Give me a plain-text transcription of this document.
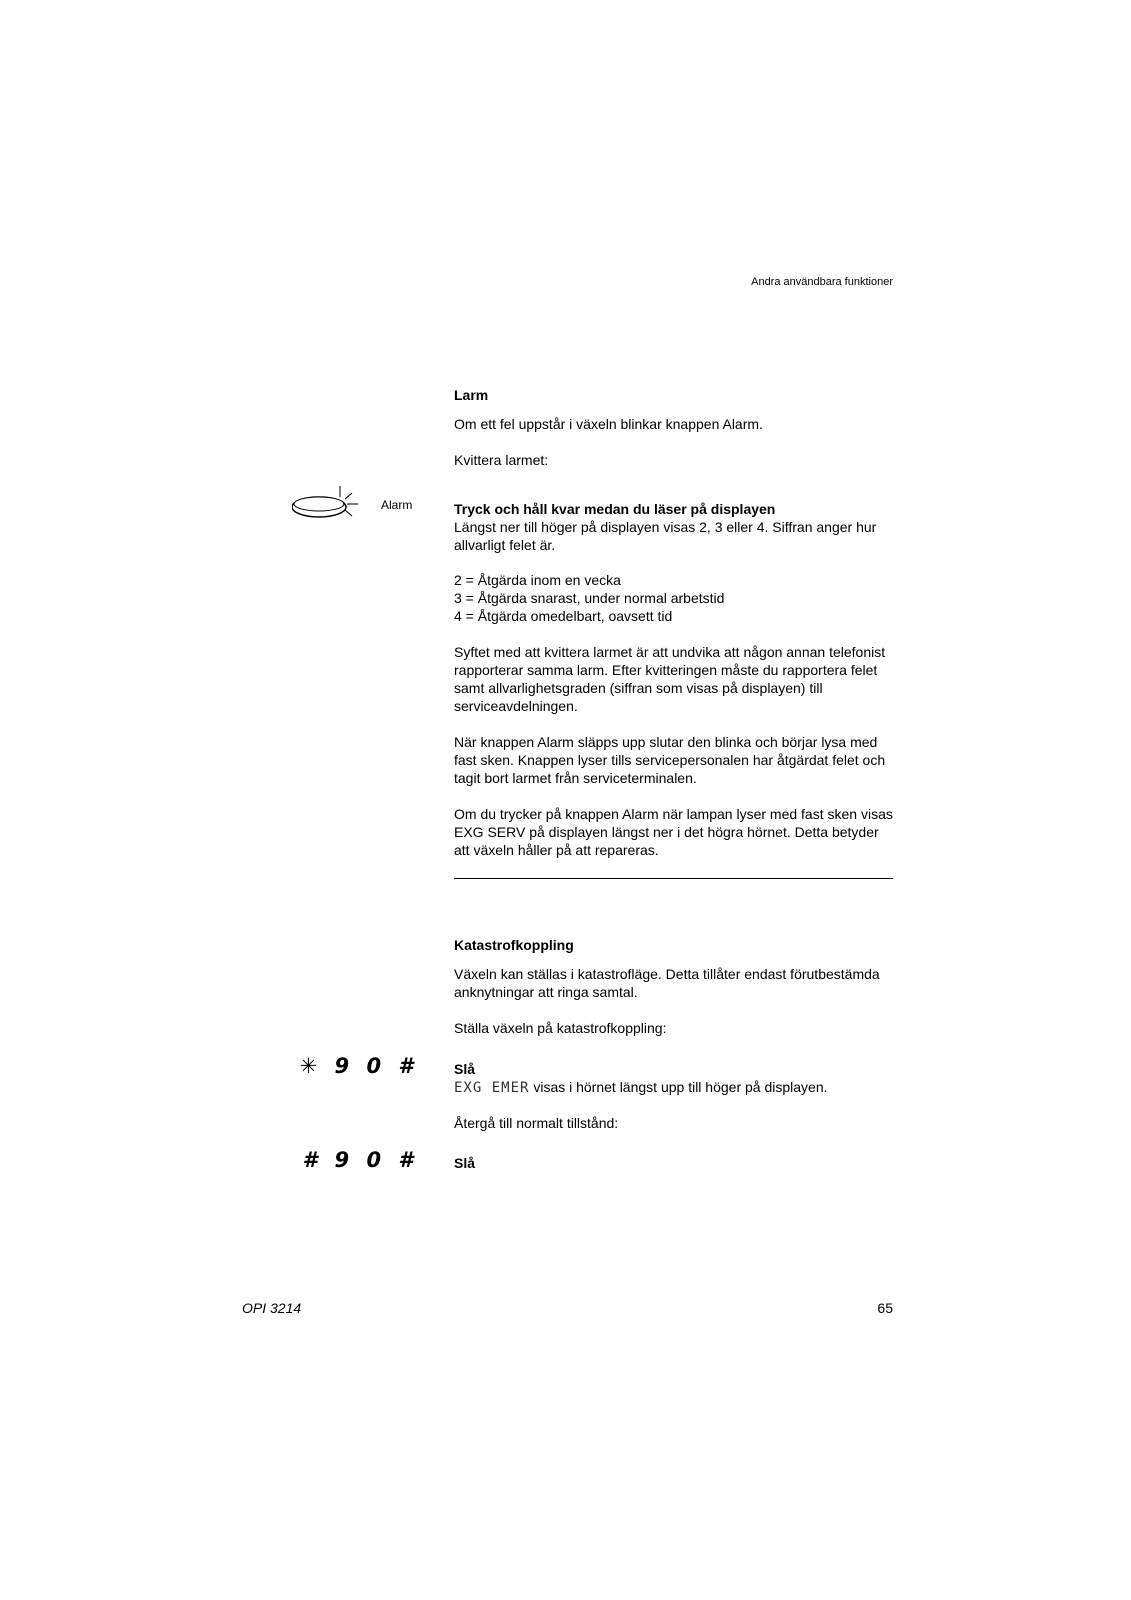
Andra användbara funktioner
Larm

Om ett fel uppstår i växeln blinkar knappen Alarm.

Kvittera larmet:

Alarm	Tryck och håll kvar medan du läser på displayen

Längst ner till höger på displayen visas 2, 3 eller 4. Siffran anger hur allvarligt felet är.

2 = Åtgärda inom en vecka
3 = Åtgärda snarast, under normal arbetstid
4 = Åtgärda omedelbart, oavsett tid

Syftet med att kvittera larmet är att undvika att någon annan telefonist rapporterar samma larm. Efter kvitteringen måste du rapportera felet samt allvarlighetsgraden (siffran som visas på displayen) till serviceavdelningen.

När knappen Alarm släpps upp slutar den blinka och börjar lysa med fast sken. Knappen lyser tills servicepersonalen har åtgärdat felet och tagit bort larmet från serviceterminalen.

Om du trycker på knappen Alarm när lampan lyser med fast sken visas EXG SERV på displayen längst ner i det högra hörnet. Detta betyder att växeln håller på att repareras.

Katastrofkoppling

Växeln kan ställas i katastrofläge. Detta tillåter endast förutbestämda anknytningar att ringa samtal.

Ställa växeln på katastrofkoppling:

✳ 9 0 #	Slå

EXG EMER visas i hörnet längst upp till höger på displayen.

Återgå till normalt tillstånd:

# 9 0 #	Slå

OPI 3214	65
